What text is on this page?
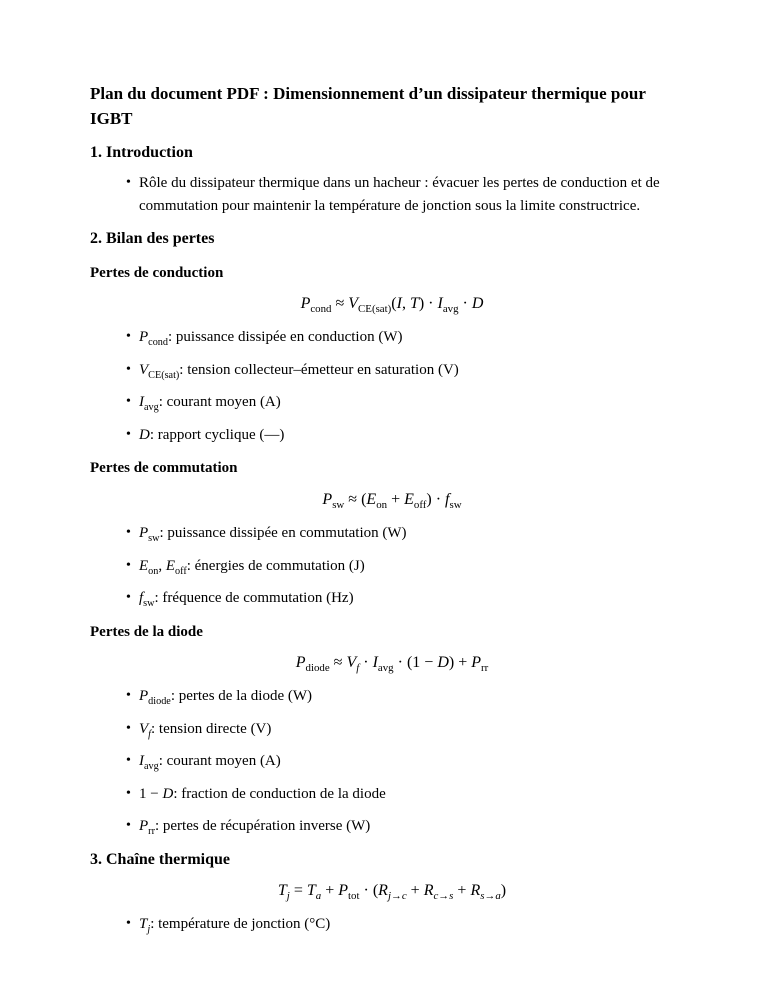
Plan du document PDF : Dimensionnement d’un dissipateur thermique pour IGBT
1. Introduction
• Rôle du dissipateur thermique dans un hacheur : évacuer les pertes de conduction et de commutation pour maintenir la température de jonction sous la limite constructrice.
2. Bilan des pertes
Pertes de conduction
$P_{cond} \approx V_{CE(sat)}(I$, $T) \cdot I_{avg} \cdot D$
• $P_{cond}$: puissance dissipée en conduction (W)
• $V_{CE(sat)}$: tension collecteur–émetteur en saturation (V)
• $I_{avg}$: courant moyen (A)
• D: rapport cyclique (—)
Pertes de commutation
$P_{sw} \approx (E_{on} + E_{off}) \cdot f_{sw}$
• $P_{sw}$: puissance dissipée en commutation (W)
• $E_{on}$, $E_{off}$: énergies de commutation (J)
• $f_{sw}$: fréquence de commutation (Hz)
Pertes de la diode
$P_{diode} \approx V_f \cdot I_{avg} \cdot (1 - D) + P_{rr}$
• $P_{diode}$: pertes de la diode (W)
• $V_f$: tension directe (V)
• $I_{avg}$: courant moyen (A)
• 1 − D: fraction de conduction de la diode
• $P_{rr}$: pertes de récupération inverse (W)
3. Chaîne thermique
$T_j = T_a + P_{tot} \cdot (R_{j\to c} + R_{c\to s} + R_{s\to a})$
• $T_j$: température de jonction (°C)
